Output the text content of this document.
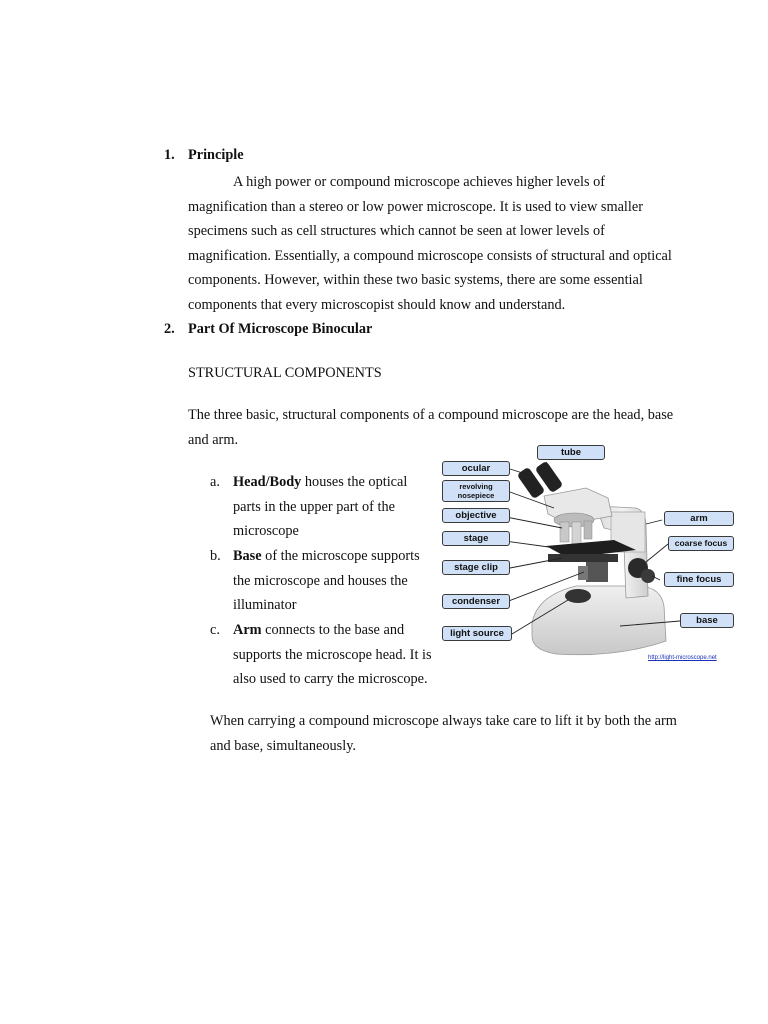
1. Principle
A high power or compound microscope achieves higher levels of
magnification than a stereo or low power microscope. It is used to view smaller
specimens such as cell structures which cannot be seen at lower levels of
magnification. Essentially, a compound microscope consists of structural and optical
components. However, within these two basic systems, there are some essential
components that every microscopist should know and understand.
2. Part Of Microscope Binocular
STRUCTURAL COMPONENTS
The three basic, structural components of a compound microscope are the head, base
and arm.
a. Head/Body houses the optical
parts in the upper part of the
microscope
b. Base of the microscope supports
the microscope and houses the
illuminator
c. Arm connects to the base and
supports the microscope head. It is
also used to carry the microscope.
When carrying a compound microscope always take care to lift it by both the arm
and base, simultaneously.
tube
ocular
revolving
nosepiece
objective
stage
stage clip
condenser
light source
arm
coarse focus
fine focus
base
http://light-microscope.net
